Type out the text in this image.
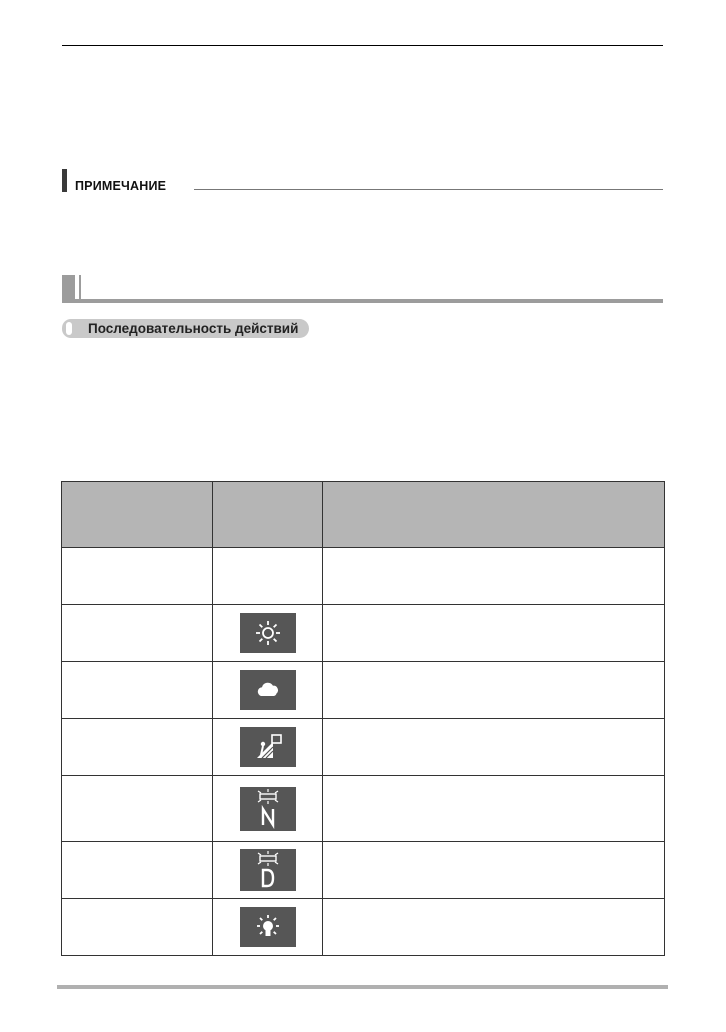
ПРИМЕЧАНИЕ
Последовательность действий
